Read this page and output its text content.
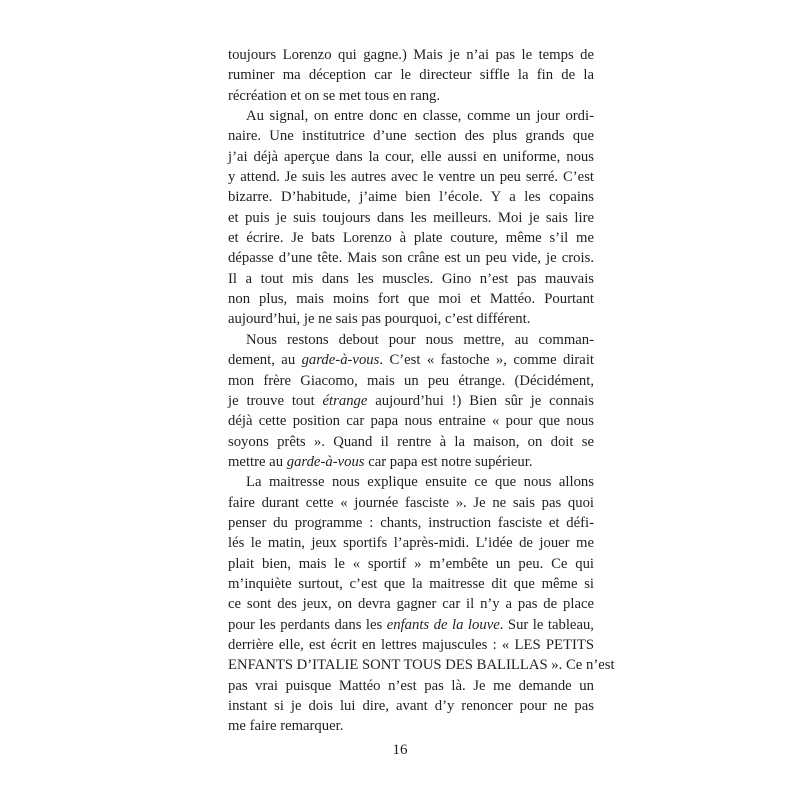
toujours Lorenzo qui gagne.) Mais je n’ai pas le temps de
ruminer ma déception car le directeur siffle la fin de la
récréation et on se met tous en rang.
Au signal, on entre donc en classe, comme un jour ordi-
naire. Une institutrice d’une section des plus grands que
j’ai déjà aperçue dans la cour, elle aussi en uniforme, nous
y attend. Je suis les autres avec le ventre un peu serré. C’est
bizarre. D’habitude, j’aime bien l’école. Y a les copains
et puis je suis toujours dans les meilleurs. Moi je sais lire
et écrire. Je bats Lorenzo à plate couture, même s’il me
dépasse d’une tête. Mais son crâne est un peu vide, je crois.
Il a tout mis dans les muscles. Gino n’est pas mauvais
non plus, mais moins fort que moi et Mattéo. Pourtant
aujourd’hui, je ne sais pas pourquoi, c’est différent.
Nous restons debout pour nous mettre, au comman-
dement, au garde-à-vous. C’est « fastoche », comme dirait
mon frère Giacomo, mais un peu étrange. (Décidément,
je trouve tout étrange aujourd’hui !) Bien sûr je connais
déjà cette position car papa nous entraine « pour que nous
soyons prêts ». Quand il rentre à la maison, on doit se
mettre au garde-à-vous car papa est notre supérieur.
La maitresse nous explique ensuite ce que nous allons
faire durant cette « journée fasciste ». Je ne sais pas quoi
penser du programme : chants, instruction fasciste et défi-
lés le matin, jeux sportifs l’après-midi. L’idée de jouer me
plait bien, mais le « sportif » m’embête un peu. Ce qui
m’inquiète surtout, c’est que la maitresse dit que même si
ce sont des jeux, on devra gagner car il n’y a pas de place
pour les perdants dans les enfants de la louve. Sur le tableau,
derrière elle, est écrit en lettres majuscules : « LES PETITS
ENFANTS D’ITALIE SONT TOUS DES BALILLAS ». Ce n’est
pas vrai puisque Mattéo n’est pas là. Je me demande un
instant si je dois lui dire, avant d’y renoncer pour ne pas
me faire remarquer.
16
